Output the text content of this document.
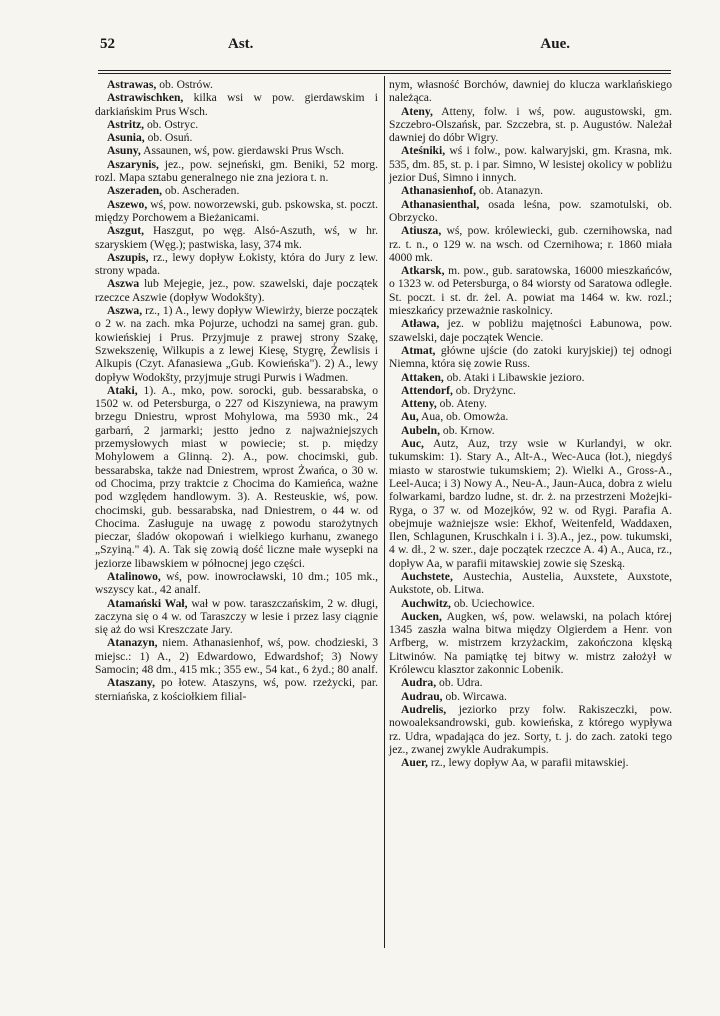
52	Ast.	Aue.

Astrawas, ob. Ostrów.

Astrawischken, kilka wsi w pow. gierdawskim i darkiańskim Prus Wsch.

Astritz, ob. Ostryc.

Asunia, ob. Osuń.

Asuny, Assaunen, wś, pow. gierdawski Prus Wsch.

Aszarynis, jez., pow. sejneński, gm. Beniki, 52 morg. rozl. Mapa sztabu generalnego nie zna jeziora t. n.

Aszeraden, ob. Ascheraden.

Aszewo, wś, pow. noworzewski, gub. pskowska, st. poczt. między Porchowem a Bieżanicami.

Aszgut, Haszgut, po węg. Alsó-Aszuth, wś, w hr. szaryskiem (Węg.); pastwiska, lasy, 374 mk.

Aszupis, rz., lewy dopływ Łokisty, która do Jury z lew. strony wpada.

Aszwa lub Mejegie, jez., pow. szawelski, daje początek rzeczce Aszwie (dopływ Wodokšty).

Aszwa, rz., 1) A., lewy dopływ Wiewirży, bierze początek o 2 w. na zach. mka Pojurze, uchodzi na samej gran. gub. kowieńskiej i Prus. Przyjmuje z prawej strony Szakę, Szwekszenię, Wilkupis a z lewej Kiesę, Stygrę, Żewlisis i Alkupis (Czyt. Afanasiewa „Gub. Kowieńska"). 2) A., lewy dopływ Wodokšty, przyjmuje strugi Purwis i Wadmen.

Ataki, 1). A., mko, pow. sorocki, gub. bessarabska, o 1502 w. od Petersburga, o 227 od Kiszyniewa, na prawym brzegu Dniestru, wprost Mohylowa, ma 5930 mk., 24 garbarń, 2 jarmarki; jestto jedno z najważniejszych przemysłowych miast w powiecie; st. p. między Mohylowem a Glinną. 2). A., pow. chocimski, gub. bessarabska, także nad Dniestrem, wprost Żwańca, o 30 w. od Chocima, przy traktcie z Chocima do Kamieńca, ważne pod względem handlowym. 3). A. Resteuskie, wś, pow. chocimski, gub. bessarabska, nad Dniestrem, o 44 w. od Chocima. Zasługuje na uwagę z powodu starożytnych pieczar, śladów okopowań i wielkiego kurhanu, zwanego „Szyiną." 4). A. Tak się zowią dość liczne małe wysepki na jeziorze libawskiem w północnej jego części.

Atalinowo, wś, pow. inowrocławski, 10 dm.; 105 mk., wszyscy kat., 42 analf.

Atamański Wał, wał w pow. taraszczańskim, 2 w. długi, zaczyna się o 4 w. od Taraszczy w lesie i przez lasy ciągnie się aż do wsi Kreszczate Jary.

Atanazyn, niem. Athanasienhof, wś, pow. chodzieski, 3 miejsc.: 1) A., 2) Edwardowo, Edwardshof; 3) Nowy Samocin; 48 dm., 415 mk.; 355 ew., 54 kat., 6 żyd.; 80 analf.

Ataszany, po łotew. Ataszyns, wś, pow. rzeżycki, par. sterniańska, z kościołkiem filial-

nym, własność Borchów, dawniej do klucza warklańskiego należąca.

Ateny, Atteny, folw. i wś, pow. augustowski, gm. Szczebro-Olszańsk, par. Szczebra, st. p. Augustów. Należał dawniej do dóbr Wigry.

Ateśniki, wś i folw., pow. kalwaryjski, gm. Krasna, mk. 535, dm. 85, st. p. i par. Simno, W lesistej okolicy w pobliżu jezior Duś, Simno i innych.

Athanasienhof, ob. Atanazyn.

Athanasienthal, osada leśna, pow. szamotulski, ob. Obrzycko.

Atiusza, wś, pow. królewiecki, gub. czernihowska, nad rz. t. n., o 129 w. na wsch. od Czernihowa; r. 1860 miała 4000 mk.

Atkarsk, m. pow., gub. saratowska, 16000 mieszkańców, o 1323 w. od Petersburga, o 84 wiorsty od Saratowa odległe. St. poczt. i st. dr. żel. A. powiat ma 1464 w. kw. rozl.; mieszkańcy przeważnie raskolnicy.

Atławа, jez. w pobliżu majętności Łabunowa, pow. szawelski, daje początek Wencie.

Atmat, główne ujście (do zatoki kuryjskiej) tej odnogi Niemna, która się zowie Russ.

Attaken, ob. Ataki i Libawskie jezioro.

Attendorf, ob. Dryżync.

Atteny, ob. Ateny.

Au, Aua, ob. Omowża.

Aubeln, ob. Krnow.

Auc, Autz, Auz, trzy wsie w Kurlandyi, w okr. tukumskim: 1). Stary A., Alt-A., Wec-Auca (łot.), niegdyś miasto w starostwie tukumskiem; 2). Wielki A., Gross-A., Leel-Auca; i 3) Nowy A., Neu-A., Jaun-Auca, dobra z wielu folwarkami, bardzo ludne, st. dr. ż. na przestrzeni Możejki-Ryga, o 37 w. od Mozejków, 92 w. od Rygi. Parafia A. obejmuje ważniejsze wsie: Ekhof, Weitenfeld, Waddaxen, Ilen, Schlagunen, Kruschkaln i i. 3).A., jez., pow. tukumski, 4 w. dł., 2 w. szer., daje początek rzeczce A. 4) A., Auca, rz., dopływ Aa, w parafii mitawskiej zowie się Szeską.

Auchstete, Austechia, Austelia, Auxstete, Auxstote, Aukstote, ob. Litwa.

Auchwitz, ob. Uciechowice.

Aucken, Augken, wś, pow. welawski, na polach której 1345 zaszła walna bitwa między Olgierdem a Henr. von Arfberg, w. mistrzem krzyżackim, zakończona klęską Litwinów. Na pamiątkę tej bitwy w. mistrz założył w Królewcu klasztor zakonnic Lobenik.

Audra, ob. Udra.

Audrau, ob. Wircawa.

Audrelis, jeziorko przy folw. Rakiszeczki, pow. nowoaleksandrowski, gub. kowieńska, z którego wypływa rz. Udra, wpadająca do jez. Sorty, t. j. do zach. zatoki tego jez., zwanej zwykle Audrakumpis.

Auer, rz., lewy dopływ Aa, w parafii mitawskiej.
